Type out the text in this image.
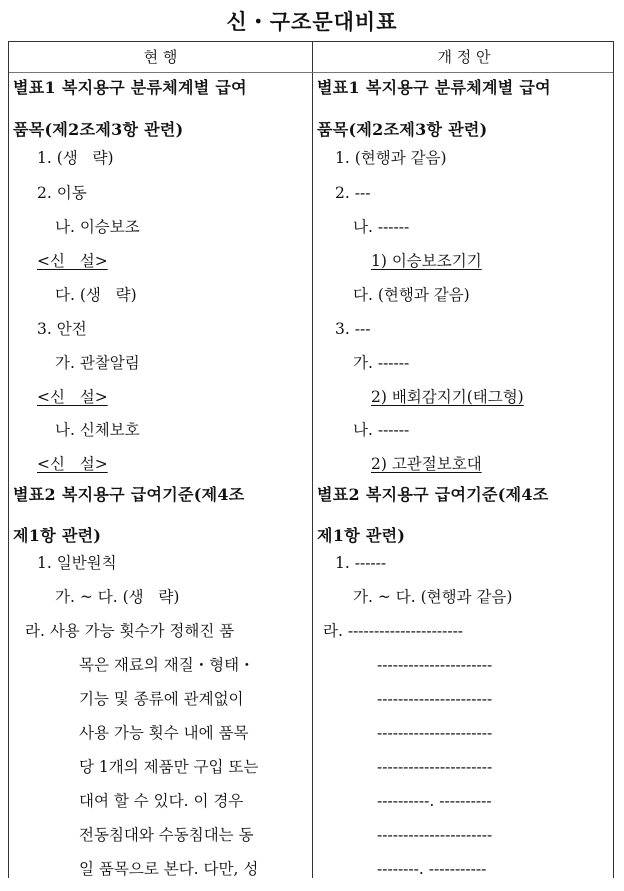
신・구조문대비표
현 행	개 정 안
별표1 복지용구 분류체계별 급여
품목(제2조제3항 관련)
1. (생   략)
2. 이동
나. 이승보조
<신   설>
다. (생   략)
3. 안전
가. 관찰알림
<신   설>
나. 신체보호
<신   설>
별표2 복지용구 급여기준(제4조
제1항 관련)
1. 일반원칙
가. ~ 다. (생   략)
라. 사용 가능 횟수가 정해진 품
목은 재료의 재질・형태・
기능 및 종류에 관계없이
사용 가능 횟수 내에 품목
당 1개의 제품만 구입 또는
대여 할 수 있다. 이 경우
전동침대와 수동침대는 동
일 품목으로 본다. 다만, 성
별표1 복지용구 분류체계별 급여
품목(제2조제3항 관련)
1. (현행과 같음)
2. ---
나. ------
1) 이승보조기기
다. (현행과 같음)
3. ---
가. ------
2) 배회감지기(태그형)
나. ------
2) 고관절보호대
별표2 복지용구 급여기준(제4조
제1항 관련)
1. ------
가. ~ 다. (현행과 같음)
라. ----------------------
----------------------
----------------------
----------------------
----------------------
----------. ----------
----------------------
--------. -----------
